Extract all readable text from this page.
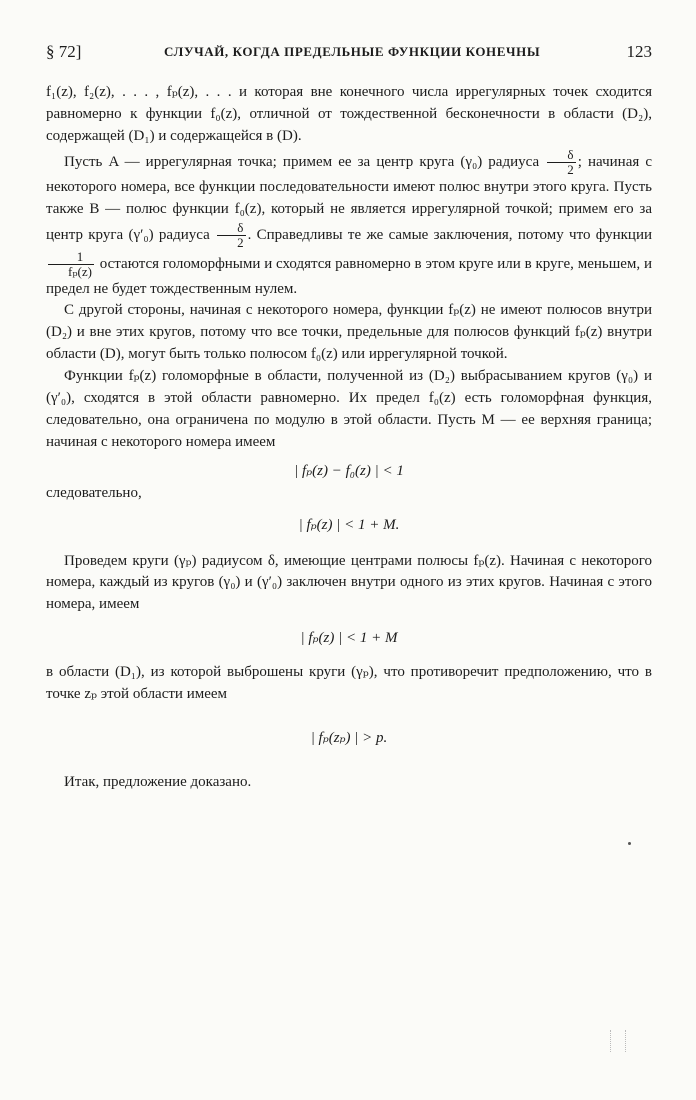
§ 72]	СЛУЧАЙ, КОГДА ПРЕДЕЛЬНЫЕ ФУНКЦИИ КОНЕЧНЫ	123

f₁(z), f₂(z), . . . , fₚ(z), . . . и которая вне конечного числа иррегулярных точек сходится равномерно к функции f₀(z), отличной от тождественной бесконечности в области (D₂), содержащей (D₁) и содержащейся в (D).

Пусть A — иррегулярная точка; примем ее за центр круга (γ₀) радиуса $\frac{\delta}{2}$ ; начиная с некоторого номера, все функции последовательности имеют полюс внутри этого круга. Пусть также B — полюс функции f₀(z), который не является иррегулярной точкой; примем его за центр круга (γ′₀) радиуса $\frac{\delta}{2}$ . Справедливы те же самые заключения, потому что функции
$\frac{1}{\text{fₚ(z)}}$ остаются голоморфными и сходятся равномерно в этом круге или в круге, меньшем, и предел не будет тождественным нулем.

С другой стороны, начиная с некоторого номера, функции fₚ(z) не имеют полюсов внутри (D₂) и вне этих кругов, потому что все точки, предельные для полюсов функций fₚ(z) внутри области (D), могут быть только полюсом f₀(z) или иррегулярной точкой.

Функции fₚ(z) голоморфные в области, полученной из (D₂) выбрасыванием кругов (γ₀) и (γ′₀), сходятся в этой области равномерно. Их предел f₀(z) есть голоморфная функция, следовательно, она ограничена по модулю в этой области. Пусть M — ее верхняя граница; начиная с некоторого номера имеем

| fₚ(z) − f₀(z) | < 1

следовательно,

| fₚ(z) | < 1 + M.

Проведем круги (γₚ) радиусом δ, имеющие центрами полюсы fₚ(z). Начиная с некоторого номера, каждый из кругов (γ₀) и (γ′₀) заключен внутри одного из этих кругов. Начиная с этого номера, имеем

| fₚ(z) | < 1 + M

в области (D₁), из которой выброшены круги (γₚ), что противоречит предположению, что в точке zₚ этой области имеем

| fₚ(zₚ) | > p.

Итак, предложение доказано.
